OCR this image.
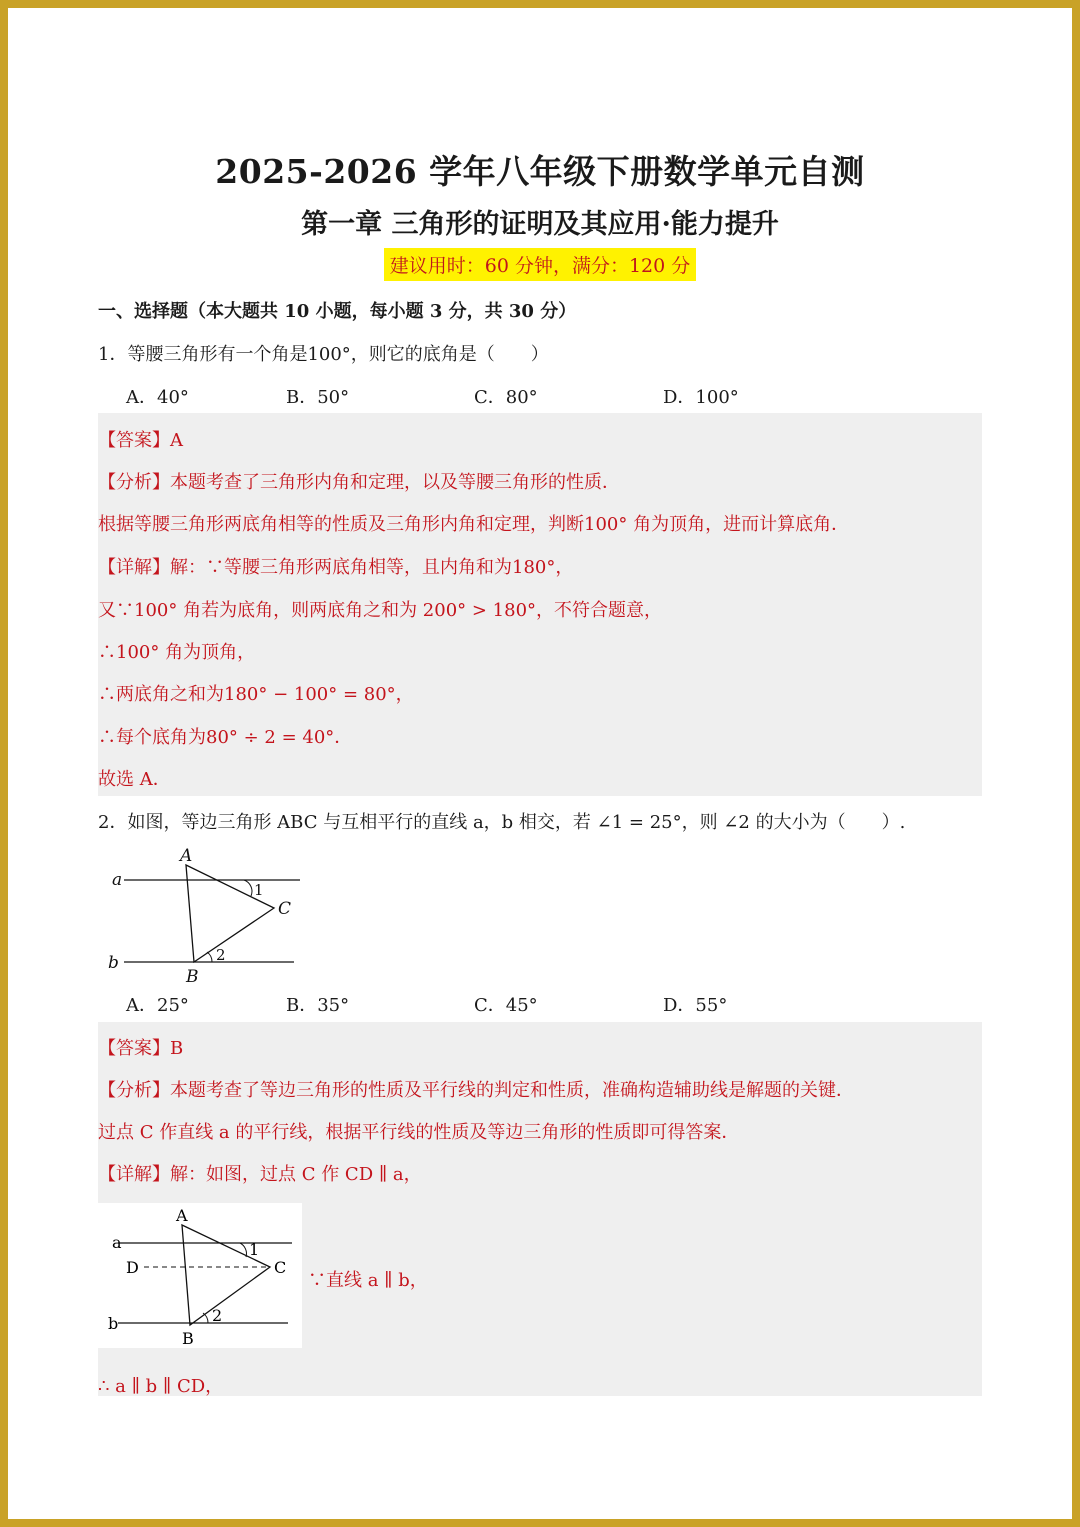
2025-2026 学年八年级下册数学单元自测
第一章 三角形的证明及其应用·能力提升
建议用时：60 分钟，满分：120 分
一、选择题（本大题共 10 小题，每小题 3 分，共 30 分）
1．等腰三角形有一个角是100°，则它的底角是（　　）
A．40°	B．50°	C．80°	D．100°
【答案】A
【分析】本题考查了三角形内角和定理，以及等腰三角形的性质．
根据等腰三角形两底角相等的性质及三角形内角和定理，判断100° 角为顶角，进而计算底角．
【详解】解：∵等腰三角形两底角相等，且内角和为180°，
又∵100° 角若为底角，则两底角之和为 200° > 180°，不符合题意，
∴100° 角为顶角，
∴两底角之和为180° − 100° = 80°，
∴每个底角为80° ÷ 2 = 40°．
故选 A．
2．如图，等边三角形 ABC 与互相平行的直线 a，b 相交，若 ∠1 = 25°，则 ∠2 的大小为（　　）.
a
b
A
B
C
1
2
A．25°	B．35°	C．45°	D．55°
【答案】B
【分析】本题考查了等边三角形的性质及平行线的判定和性质，准确构造辅助线是解题的关键．
过点 C 作直线 a 的平行线，根据平行线的性质及等边三角形的性质即可得答案．
【详解】解：如图，过点 C 作 CD ∥ a，
a
b
A
B
C
D
1
2
∵直线 a ∥ b，
∴ a ∥ b ∥ CD，
